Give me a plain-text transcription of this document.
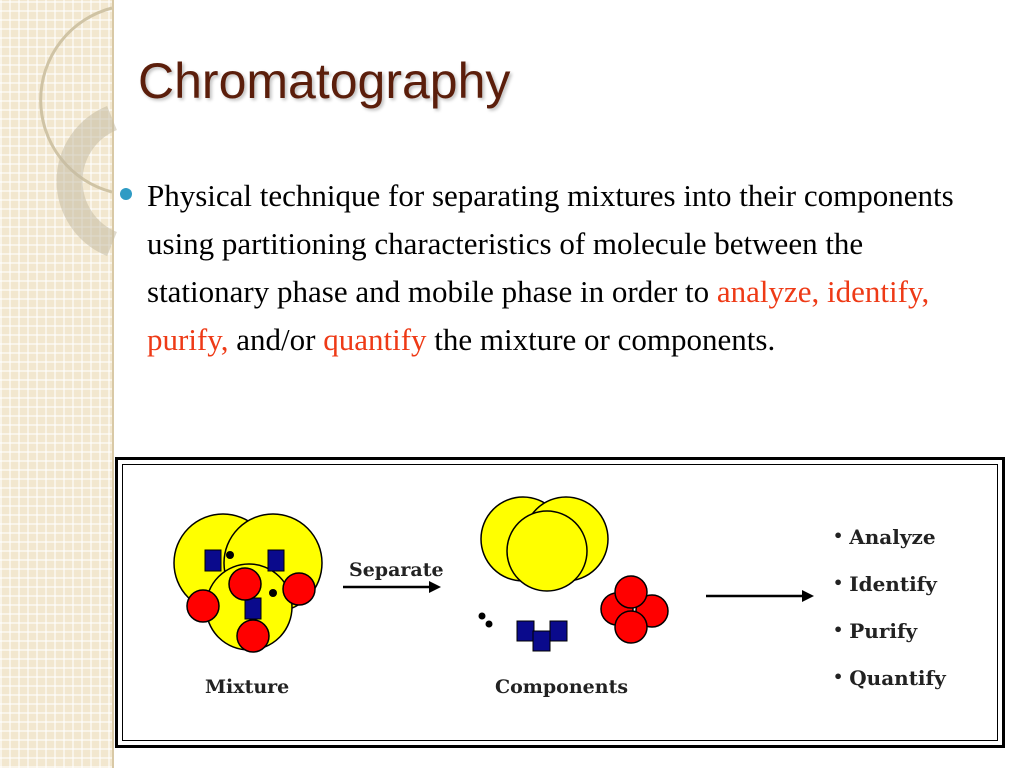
Chromatography

Physical technique for separating mixtures into their components using partitioning characteristics of molecule between the stationary phase and mobile phase in order to analyze, identify, purify, and/or quantify the mixture or components.

Separate
Mixture	Components
• Analyze
• Identify
• Purify
• Quantify
